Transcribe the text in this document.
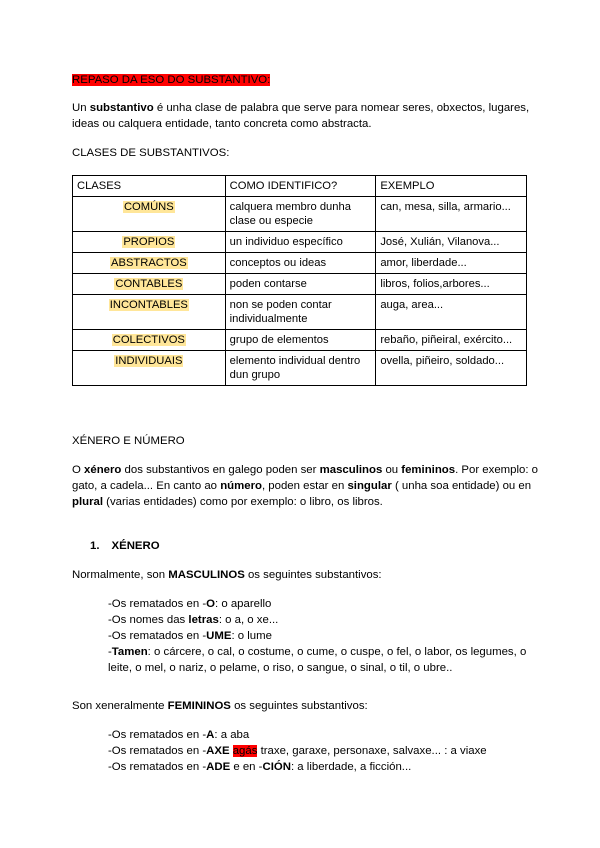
REPASO DA ESO DO SUBSTANTIVO:
Un substantivo é unha clase de palabra que serve para nomear seres, obxectos, lugares,
ideas ou calquera entidade, tanto concreta como abstracta.
CLASES DE SUBSTANTIVOS:
CLASES	COMO IDENTIFICO?	EXEMPLO
COMÚNS	calquera membro dunha clase ou especie	can, mesa, silla, armario...
PROPIOS	un individuo específico	José, Xulián, Vilanova...
ABSTRACTOS	conceptos ou ideas	amor, liberdade...
CONTABLES	poden contarse	libros, folios,arbores...
INCONTABLES	non se poden contar individualmente	auga, area...
COLECTIVOS	grupo de elementos	rebaño, piñeiral, exército...
INDIVIDUAIS	elemento individual dentro dun grupo	ovella, piñeiro, soldado...
XÉNERO E NÚMERO
O xénero dos substantivos en galego poden ser masculinos ou femininos. Por exemplo: o
gato, a cadela... En canto ao número, poden estar en singular ( unha soa entidade) ou en
plural (varias entidades) como por exemplo: o libro, os libros.
1. XÉNERO
Normalmente, son MASCULINOS os seguintes substantivos:
-Os rematados en -O: o aparello
-Os nomes das letras: o a, o xe...
-Os rematados en -UME: o lume
-Tamen: o cárcere, o cal, o costume, o cume, o cuspe, o fel, o labor, os legumes, o
leite, o mel, o nariz, o pelame, o riso, o sangue, o sinal, o til, o ubre..
Son xeneralmente FEMININOS os seguintes substantivos:
-Os rematados en -A: a aba
-Os rematados en -AXE agás traxe, garaxe, personaxe, salvaxe... : a viaxe
-Os rematados en -ADE e en -CIÓN: a liberdade, a ficción...
